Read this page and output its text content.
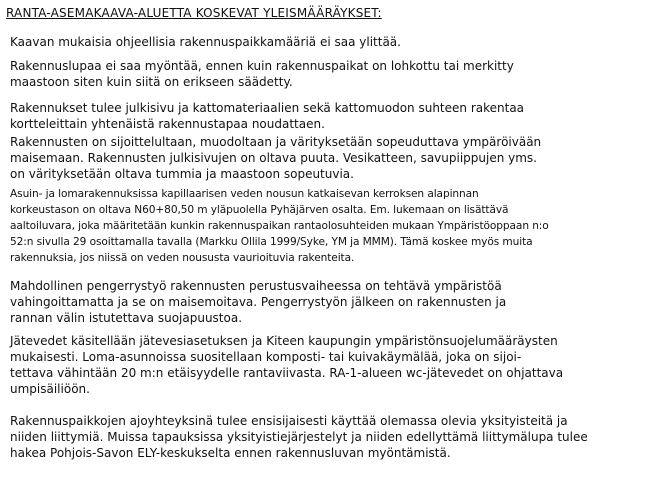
RANTA-ASEMAKAAVA-ALUETTA KOSKEVAT YLEISMÄÄRÄYKSET:
Kaavan mukaisia ohjeellisia rakennuspaikkamääriä ei saa ylittää.
Rakennuslupaa ei saa myöntää, ennen kuin rakennuspaikat on lohkottu tai merkitty
maastoon siten kuin siitä on erikseen säädetty.
Rakennukset tulee julkisivu ja kattomateriaalien sekä kattomuodon suhteen rakentaa
kortteleittain yhtenäistä rakennustapaa noudattaen.
Rakennusten on sijoittelultaan, muodoltaan ja värityksetään sopeuduttava ympäröivään
maisemaan. Rakennusten julkisivujen on oltava puuta. Vesikatteen, savupiippujen yms.
on värityksetään oltava tummia ja maastoon sopeutuvia.
Asuin- ja lomarakennuksissa kapillaarisen veden nousun katkaisevan kerroksen alapinnan
korkeustason on oltava N60+80,50 m yläpuolella Pyhäjärven osalta. Em. lukemaan on lisättävä
aaltoiluvara, joka määritetään kunkin rakennuspaikan rantaolosuhteiden mukaan Ympäristöoppaan n:o
52:n sivulla 29 osoittamalla tavalla (Markku Ollila 1999/Syke, YM ja MMM). Tämä koskee myös muita
rakennuksia, jos niissä on veden noususta vaurioituvia rakenteita.
Mahdollinen pengerrystyö rakennusten perustusvaiheessa on tehtävä ympäristöä
vahingoittamatta ja se on maisemoitava. Pengerrystyön jälkeen on rakennusten ja
rannan välin istutettava suojapuustoa.
Jätevedet käsitellään jätevesiasetuksen ja Kiteen kaupungin ympäristönsuojelumääräysten
mukaisesti. Loma-asunnoissa suositellaan komposti- tai kuivakäymälää, joka on sijoi-
tettava vähintään 20 m:n etäisyydelle rantaviivasta. RA-1-alueen wc-jätevedet on ohjattava
umpisäiliöön.
Rakennuspaikkojen ajoyhteyksinä tulee ensisijaisesti käyttää olemassa olevia yksityisteitä ja
niiden liittymiä. Muissa tapauksissa yksityistiejärjestelyt ja niiden edellyttämä liittymälupa tulee
hakea Pohjois-Savon ELY-keskukselta ennen rakennusluvan myöntämistä.
